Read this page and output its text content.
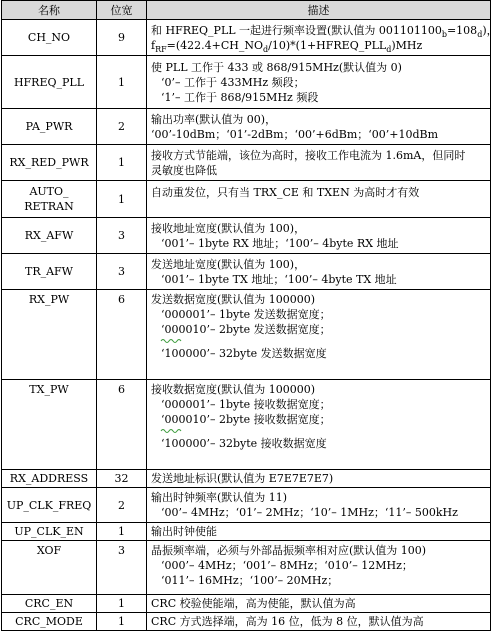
名称	位宽	描述
CH_NO	9	和 HFREQ_PLL 一起进行频率设置(默认值为 $001101100_b=108_d$)，
$f_{RF}=(422.4+CH\_NO_d/10)*(1+HFREQ\_PLL_d)MHz$

HFREQ_PLL	1	使 PLL 工作于 433 或 868/915MHz(默认值为 0)
‘0’– 工作于 433MHz 频段；
‘1’– 工作于 868/915MHz 频段

PA_PWR	2	输出功率(默认值为 00)，
‘00’-10dBm；‘01’-2dBm；‘00’+6dBm；‘00’+10dBm

RX_RED_PWR	1	接收方式节能端，该位为高时，接收工作电流为 1.6mA，但同时
灵敏度也降低

AUTO_
RETRAN	1	自动重发位，只有当 TRX_CE 和 TXEN 为高时才有效

RX_AFW	3	接收地址宽度(默认值为 100)，
‘001’– 1byte RX 地址；‘100’– 4byte RX 地址

TR_AFW	3	发送地址宽度(默认值为 100)，
‘001’– 1byte TX 地址；‘100’– 4byte TX 地址

RX_PW	6	发送数据宽度(默认值为 100000)
‘000001’– 1byte 发送数据宽度；
‘000010’– 2byte 发送数据宽度；
‘100000’– 32byte 发送数据宽度

TX_PW	6	接收数据宽度(默认值为 100000)
‘000001’– 1byte 接收数据宽度；
‘000010’– 2byte 接收数据宽度；
‘100000’– 32byte 接收数据宽度

RX_ADDRESS	32	发送地址标识(默认值为 E7E7E7E7)

UP_CLK_FREQ	2	输出时钟频率(默认值为 11)
‘00’– 4MHz；‘01’– 2MHz；‘10’– 1MHz；‘11’– 500kHz

UP_CLK_EN	1	输出时钟使能

XOF	3	晶振频率端，必须与外部晶振频率相对应(默认值为 100)
‘000’– 4MHz；‘001’– 8MHz；‘010’– 12MHz；
‘011’– 16MHz；‘100’– 20MHz；

CRC_EN	1	CRC 校验使能端，高为使能，默认值为高

CRC_MODE	1	CRC 方式选择端，高为 16 位，低为 8 位，默认值为高
